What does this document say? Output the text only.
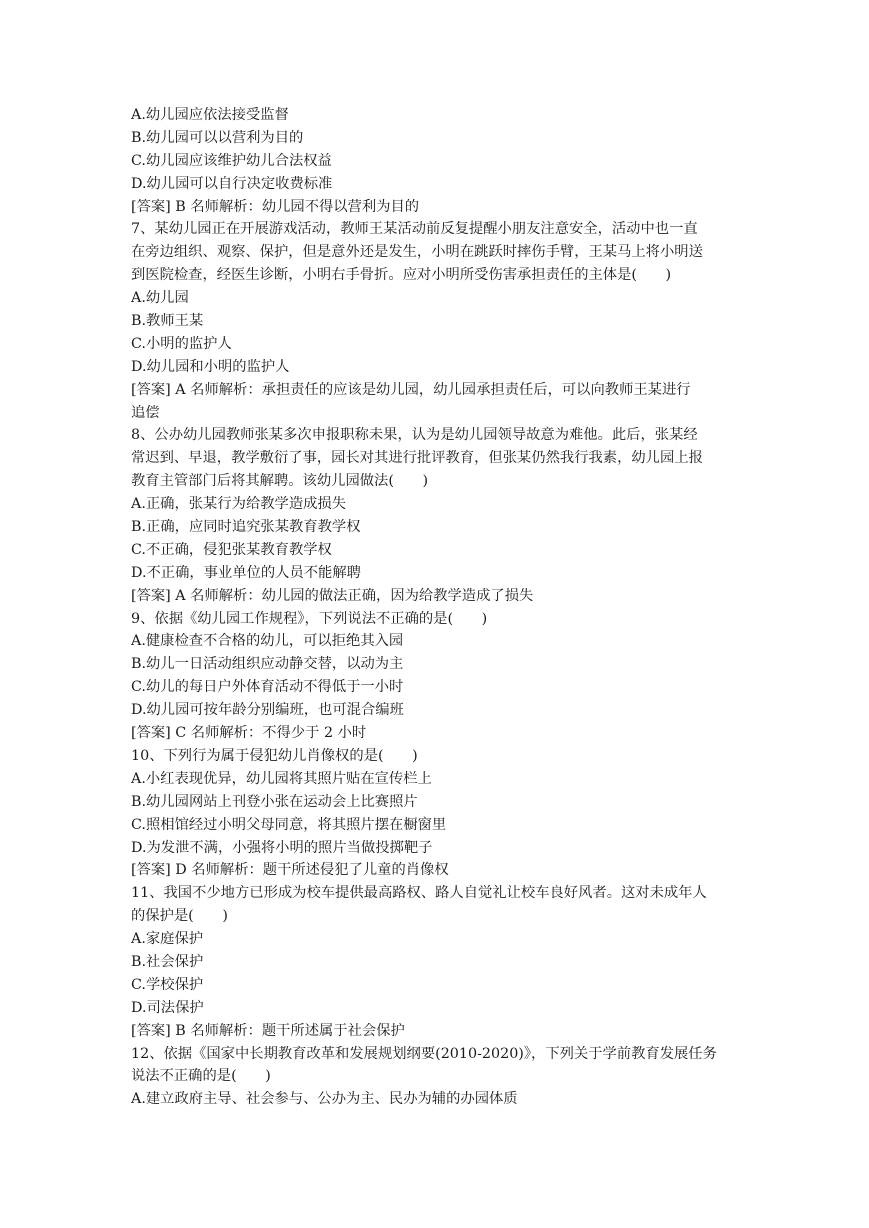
A.幼儿园应依法接受监督
B.幼儿园可以以营利为目的
C.幼儿园应该维护幼儿合法权益
D.幼儿园可以自行决定收费标准
[答案] B 名师解析：幼儿园不得以营利为目的
7、某幼儿园正在开展游戏活动，教师王某活动前反复提醒小朋友注意安全，活动中也一直
在旁边组织、观察、保护，但是意外还是发生，小明在跳跃时摔伤手臂，王某马上将小明送
到医院检查，经医生诊断，小明右手骨折。应对小明所受伤害承担责任的主体是(　　)
A.幼儿园
B.教师王某
C.小明的监护人
D.幼儿园和小明的监护人
[答案] A 名师解析：承担责任的应该是幼儿园，幼儿园承担责任后，可以向教师王某进行
追偿
8、公办幼儿园教师张某多次申报职称未果，认为是幼儿园领导故意为难他。此后，张某经
常迟到、早退，教学敷衍了事，园长对其进行批评教育，但张某仍然我行我素，幼儿园上报
教育主管部门后将其解聘。该幼儿园做法(　　)
A.正确，张某行为给教学造成损失
B.正确，应同时追究张某教育教学权
C.不正确，侵犯张某教育教学权
D.不正确，事业单位的人员不能解聘
[答案] A 名师解析：幼儿园的做法正确，因为给教学造成了损失
9、依据《幼儿园工作规程》，下列说法不正确的是(　　)
A.健康检查不合格的幼儿，可以拒绝其入园
B.幼儿一日活动组织应动静交替，以动为主
C.幼儿的每日户外体育活动不得低于一小时
D.幼儿园可按年龄分别编班，也可混合编班
[答案] C 名师解析：不得少于 2 小时
10、下列行为属于侵犯幼儿肖像权的是(　　)
A.小红表现优异，幼儿园将其照片贴在宣传栏上
B.幼儿园网站上刊登小张在运动会上比赛照片
C.照相馆经过小明父母同意，将其照片摆在橱窗里
D.为发泄不满，小强将小明的照片当做投掷靶子
[答案] D 名师解析：题干所述侵犯了儿童的肖像权
11、我国不少地方已形成为校车提供最高路权、路人自觉礼让校车良好风者。这对未成年人
的保护是(　　)
A.家庭保护
B.社会保护
C.学校保护
D.司法保护
[答案] B 名师解析：题干所述属于社会保护
12、依据《国家中长期教育改革和发展规划纲要(2010-2020)》，下列关于学前教育发展任务
说法不正确的是(　　)
A.建立政府主导、社会参与、公办为主、民办为辅的办园体质
